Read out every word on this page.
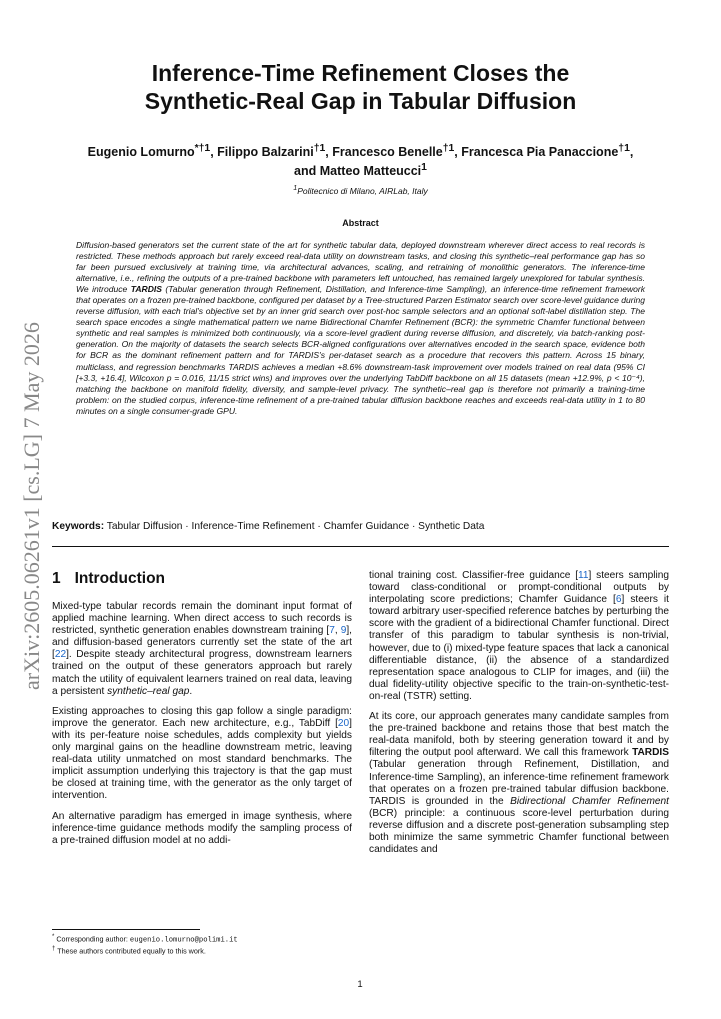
arXiv:2605.06261v1 [cs.LG] 7 May 2026
Inference-Time Refinement Closes the
Synthetic-Real Gap in Tabular Diffusion
Eugenio Lomurno$^{*\dagger 1}$, Filippo Balzarini$^{\dagger 1}$, Francesco Benelle$^{\dagger 1}$, Francesca Pia Panaccione$^{\dagger 1}$,
and Matteo Matteucci$^1$
$^1$Politecnico di Milano, AIRLab, Italy
Abstract
Diffusion-based generators set the current state of the art for synthetic tabular data, deployed downstream wherever direct access to real records is restricted. These methods approach but rarely exceed real-data utility on downstream tasks, and closing this synthetic–real performance gap has so far been pursued exclusively at training time, via architectural advances, scaling, and retraining of monolithic generators. The inference-time alternative, i.e., refining the outputs of a pre-trained backbone with parameters left untouched, has remained largely unexplored for tabular synthesis. We introduce TARDIS (Tabular generation through Refinement, Distillation, and Inference-time Sampling), an inference-time refinement framework that operates on a frozen pre-trained backbone, configured per dataset by a Tree-structured Parzen Estimator search over score-level guidance during reverse diffusion, with each trial's objective set by an inner grid search over post-hoc sample selectors and an optional soft-label distillation step. The search space encodes a single mathematical pattern we name Bidirectional Chamfer Refinement (BCR): the symmetric Chamfer functional between synthetic and real samples is minimized both continuously, via a score-level gradient during reverse diffusion, and discretely, via batch-ranking post-generation. On the majority of datasets the search selects BCR-aligned configurations over alternatives encoded in the search space, evidence both for BCR as the dominant refinement pattern and for TARDIS's per-dataset search as a procedure that recovers this pattern. Across 15 binary, multiclass, and regression benchmarks TARDIS achieves a median +8.6% downstream-task improvement over models trained on real data (95% CI [+3.3, +16.4], Wilcoxon p = 0.016, 11/15 strict wins) and improves over the underlying TabDiff backbone on all 15 datasets (mean +12.9%, p < 10⁻⁴), matching the backbone on manifold fidelity, diversity, and sample-level privacy. The synthetic–real gap is therefore not primarily a training-time problem: on the studied corpus, inference-time refinement of a pre-trained tabular diffusion backbone reaches and exceeds real-data utility in 1 to 80 minutes on a single consumer-grade GPU.
Keywords: Tabular Diffusion · Inference-Time Refinement · Chamfer Guidance · Synthetic Data
1 Introduction

Mixed-type tabular records remain the dominant input format of applied machine learning. When direct access to such records is restricted, synthetic generation enables downstream training [7, 9], and diffusion-based generators currently set the state of the art [22]. Despite steady architectural progress, downstream learners trained on the output of these generators approach but rarely match the utility of equivalent learners trained on real data, leaving a persistent synthetic–real gap.

Existing approaches to closing this gap follow a single paradigm: improve the generator. Each new architecture, e.g., TabDiff [20] with its per-feature noise schedules, adds complexity but yields only marginal gains on the headline downstream metric, leaving real-data utility unmatched on most standard benchmarks. The implicit assumption underlying this trajectory is that the gap must be closed at training time, with the generator as the only target of intervention.

An alternative paradigm has emerged in image synthesis, where inference-time guidance methods modify the sampling process of a pre-trained diffusion model at no addi-

tional training cost. Classifier-free guidance [11] steers sampling toward class-conditional or prompt-conditional outputs by interpolating score predictions; Chamfer Guidance [6] steers it toward arbitrary user-specified reference batches by perturbing the score with the gradient of a bidirectional Chamfer functional. Direct transfer of this paradigm to tabular synthesis is non-trivial, however, due to (i) mixed-type feature spaces that lack a canonical differentiable distance, (ii) the absence of a standardized representation space analogous to CLIP for images, and (iii) the dual fidelity-utility objective specific to the train-on-synthetic-test-on-real (TSTR) setting.

At its core, our approach generates many candidate samples from the pre-trained backbone and retains those that best match the real-data manifold, both by steering generation toward it and by filtering the output pool afterward. We call this framework TARDIS (Tabular generation through Refinement, Distillation, and Inference-time Sampling), an inference-time refinement framework that operates on a frozen pre-trained tabular diffusion backbone. TARDIS is grounded in the Bidirectional Chamfer Refinement (BCR) principle: a continuous score-level perturbation during reverse diffusion and a discrete post-generation subsampling step both minimize the same symmetric Chamfer functional between candidates and

* Corresponding author: eugenio.lomurno@polimi.it
† These authors contributed equally to this work.
1
